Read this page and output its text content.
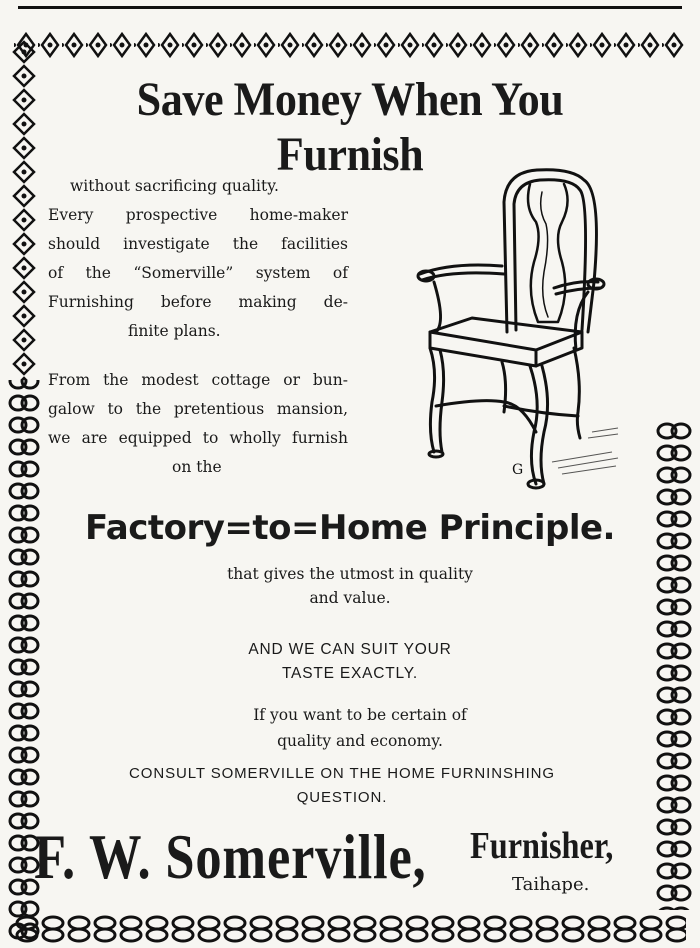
Save Money When You Furnish
without sacrificing quality.
Every prospective home-maker
should investigate the facilities
of the “Somerville” system of
Furnishing before making de-
finite plans.
From the modest cottage or bun-
galow to the pretentious mansion,
we are equipped to wholly furnish
on the	G
Factory=to=Home Principle.
that gives the utmost in quality
and value.
AND WE CAN SUIT YOUR
TASTE EXACTLY.
If you want to be certain of
quality and economy.
CONSULT SOMERVILLE ON THE HOME FURNINSHING
QUESTION.
F. W. Somerville, Furnisher,
Taihape.
